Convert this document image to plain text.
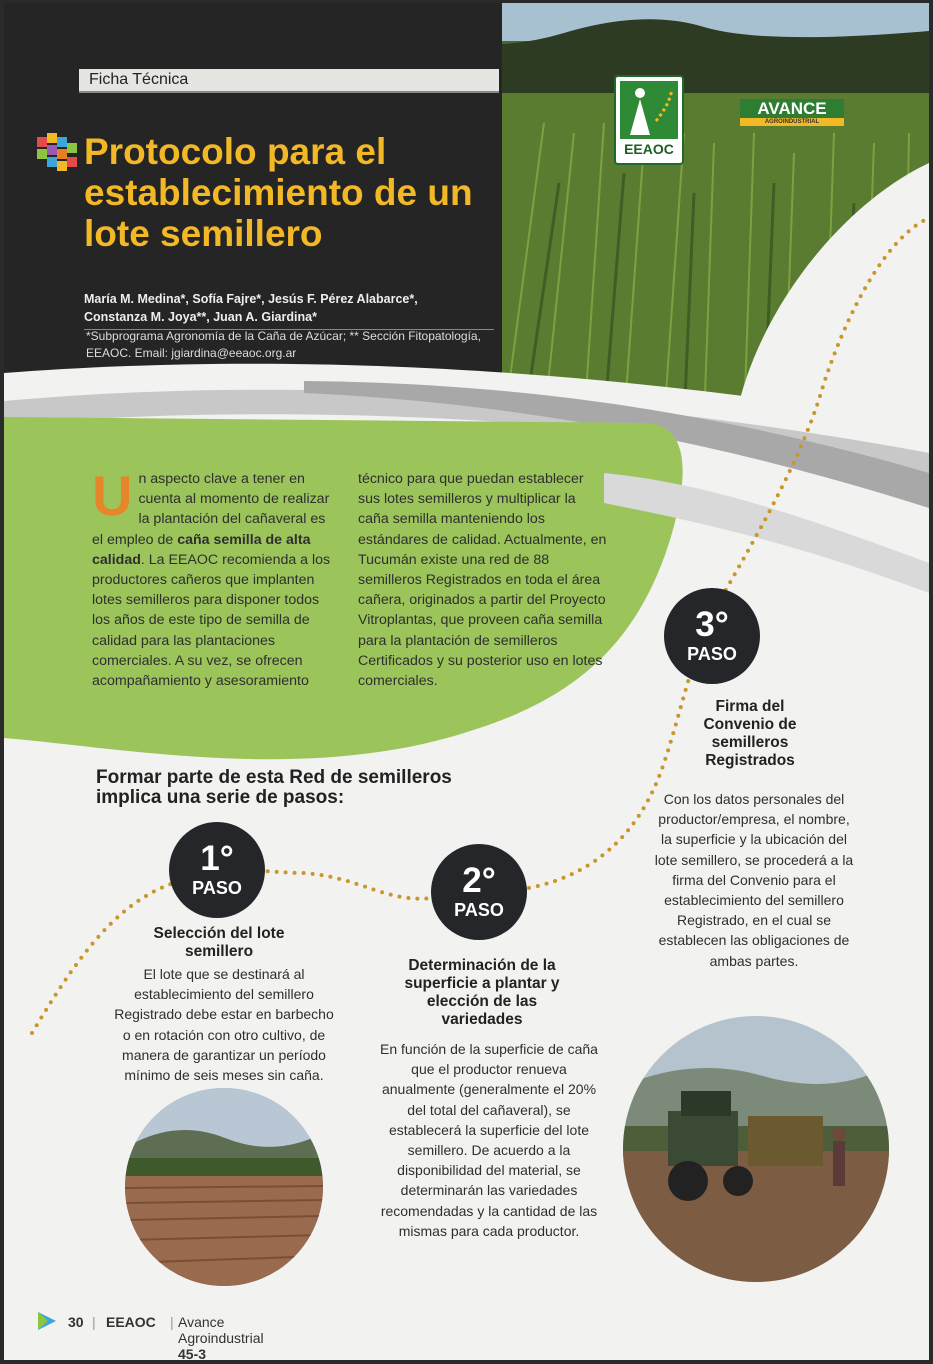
Ficha Técnica
Protocolo para el establecimiento de un lote semillero
María M. Medina*, Sofía Fajre*, Jesús F. Pérez Alabarce*,
Constanza M. Joya**, Juan A. Giardina*
*Subprograma Agronomía de la Caña de Azúcar; ** Sección Fitopatología, EEAOC. Email: jgiardina@eeaoc.org.ar
EEAOC
AVANCE
AGROINDUSTRIAL

Un aspecto clave a tener en cuenta al momento de realizar la plantación del cañaveral es el empleo de caña semilla de alta calidad. La EEAOC recomienda a los productores cañeros que implanten lotes semilleros para disponer todos los años de este tipo de semilla de calidad para las plantaciones comerciales. A su vez, se ofrecen acompañamiento y asesoramiento

técnico para que puedan establecer sus lotes semilleros y multiplicar la caña semilla manteniendo los estándares de calidad. Actualmente, en Tucumán existe una red de 88 semilleros Registrados en toda el área cañera, originados a partir del Proyecto Vitroplantas, que proveen caña semilla para la plantación de semilleros Certificados y su posterior uso en lotes comerciales.

Formar parte de esta Red de semilleros implica una serie de pasos:
1°
PASO
Selección del lote semillero

El lote que se destinará al establecimiento del semillero Registrado debe estar en barbecho o en rotación con otro cultivo, de manera de garantizar un período mínimo de seis meses sin caña.

2°
PASO
Determinación de la superficie a plantar y elección de las variedades

En función de la superficie de caña que el productor renueva anualmente (generalmente el 20% del total del cañaveral), se establecerá la superficie del lote semillero. De acuerdo a la disponibilidad del material, se determinarán las variedades recomendadas y la cantidad de las mismas para cada productor.

3°
PASO
Firma del Convenio de semilleros Registrados

Con los datos personales del productor/empresa, el nombre, la superficie y la ubicación del lote semillero, se procederá a la firma del Convenio para el establecimiento del semillero Registrado, en el cual se establecen las obligaciones de ambas partes.

30 | EEAOC | Avance Agroindustrial 45-3
